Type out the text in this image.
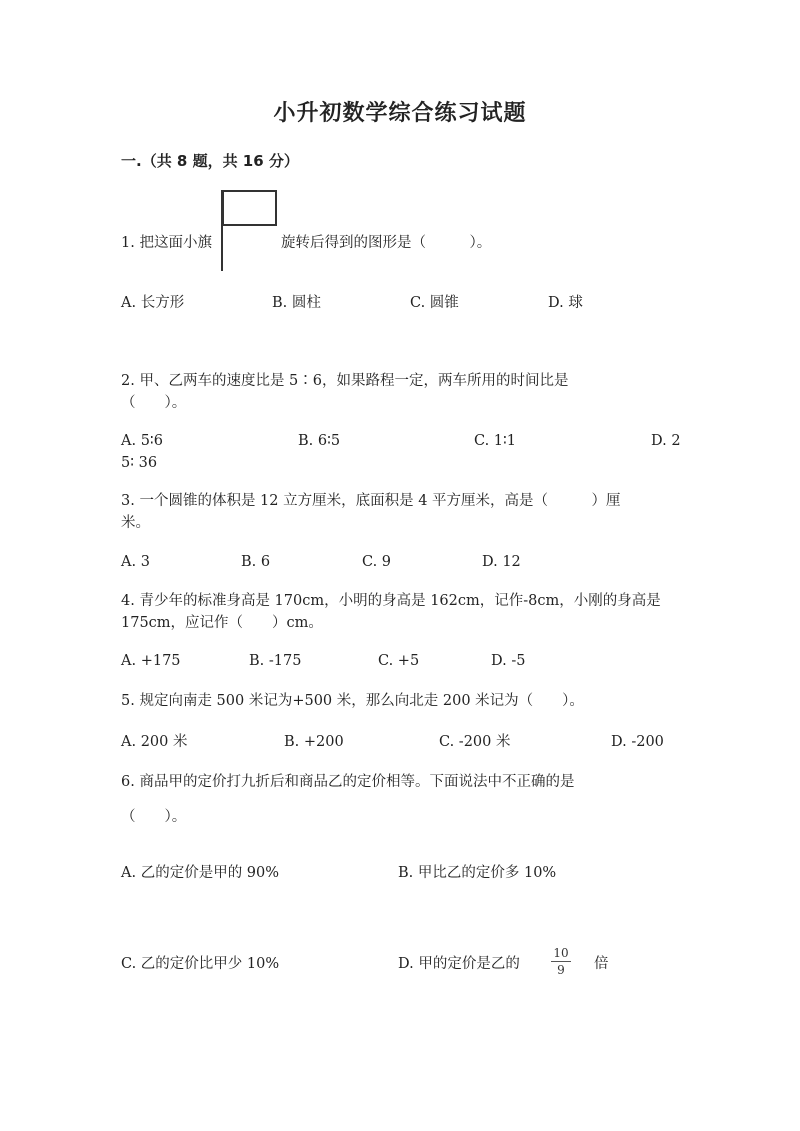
小升初数学综合练习试题
一.（共 8 题，共 16 分）
1. 把这面小旗	旋转后得到的图形是（　　　）。
A. 长方形	B. 圆柱	C. 圆锥	D. 球
2. 甲、乙两车的速度比是 5∶6，如果路程一定，两车所用的时间比是
（　　）。
A. 5∶6	B. 6∶5	C. 1∶1	D. 2
5∶ 36
3. 一个圆锥的体积是 12 立方厘米，底面积是 4 平方厘米，高是（　　　）厘
米。
A. 3	B. 6	C. 9	D. 12
4. 青少年的标准身高是 170cm，小明的身高是 162cm，记作-8cm，小刚的身高是
175cm，应记作（　　）cm。
A. +175	B. -175	C. +5	D. -5
5. 规定向南走 500 米记为+500 米，那么向北走 200 米记为（　　）。
A. 200 米	B. +200	C. -200 米	D. -200
6. 商品甲的定价打九折后和商品乙的定价相等。下面说法中不正确的是
（　　）。
A. 乙的定价是甲的 90%	B. 甲比乙的定价多 10%
C. 乙的定价比甲少 10%	D. 甲的定价是乙的
10
9	倍
